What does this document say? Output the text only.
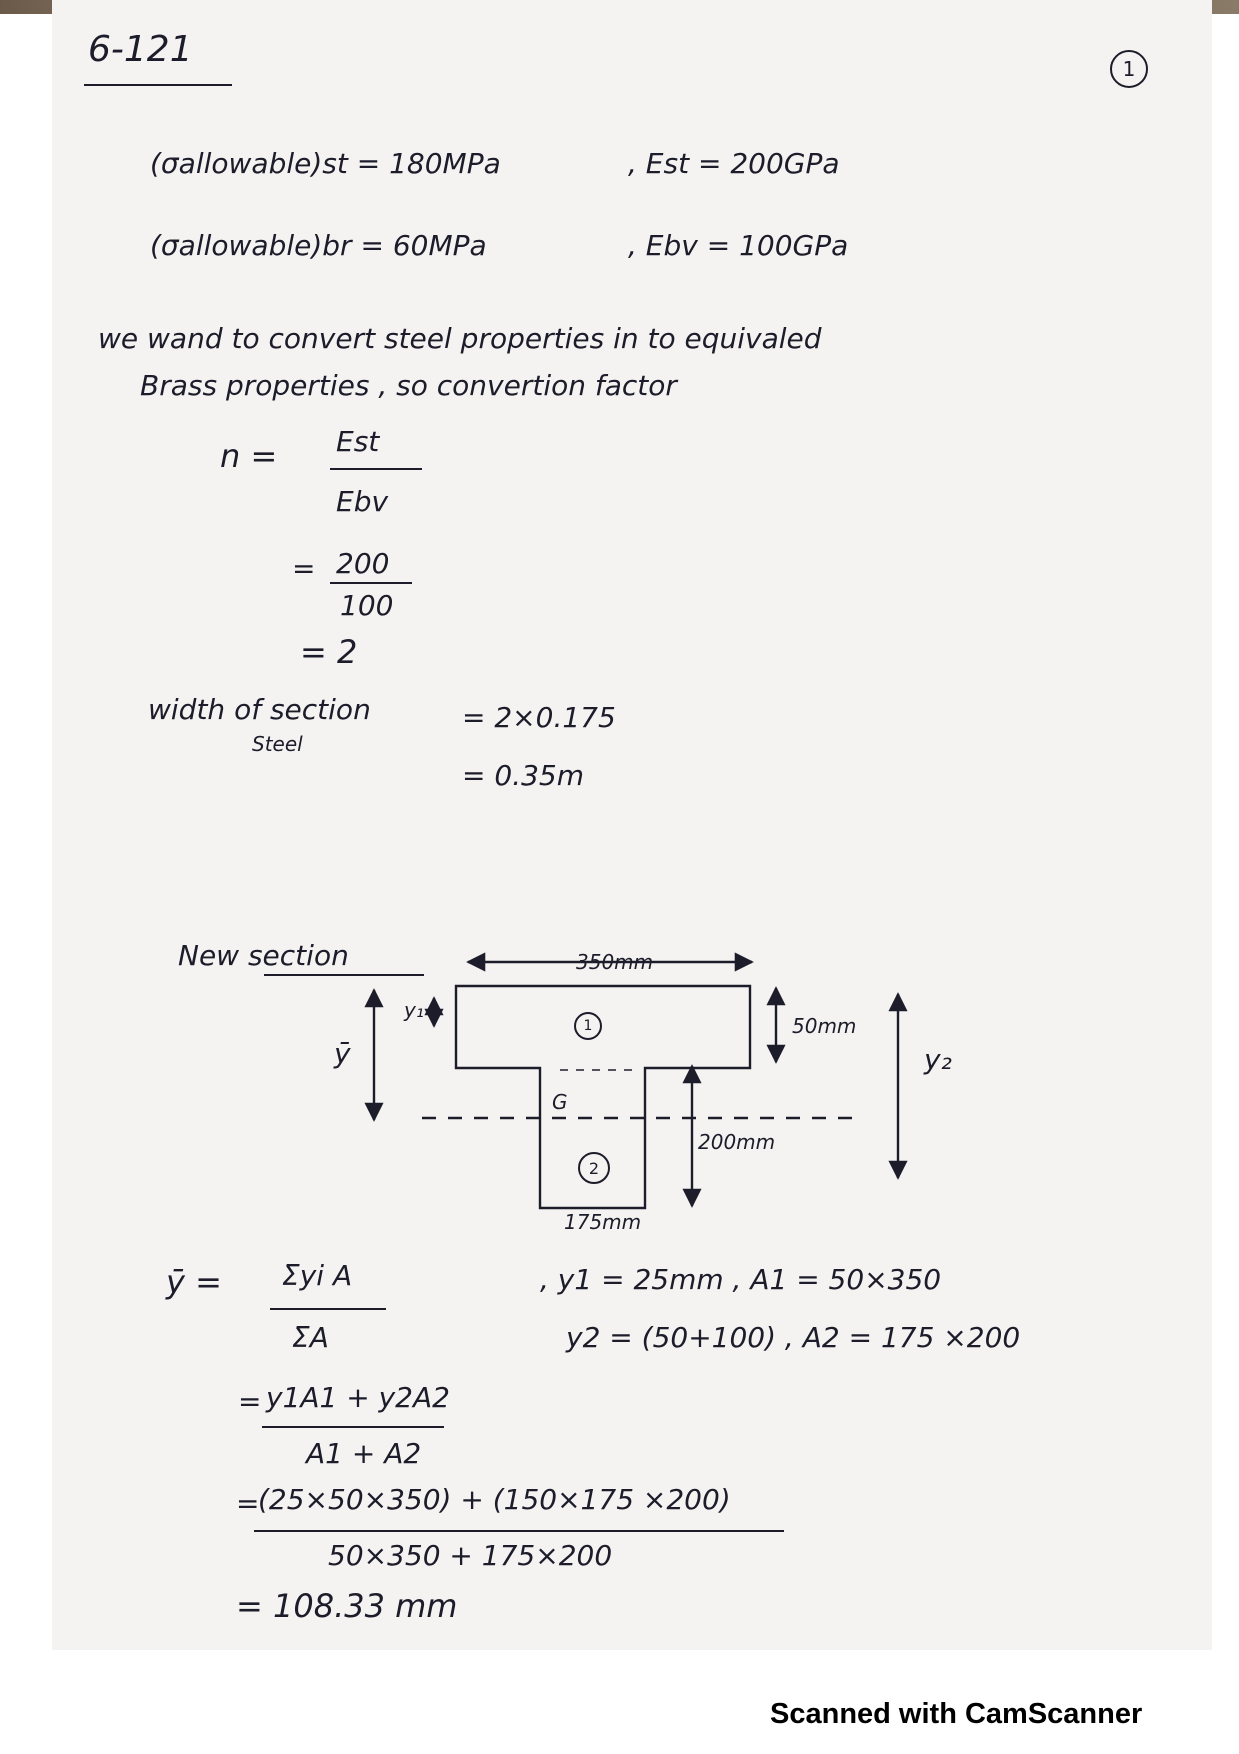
6-121	1
(σallowable)st = 180MPa	, Est = 200GPa
(σallowable)br = 60MPa	, Ebv = 100GPa
we wand to convert steel properties in to equivaled
Brass properties , so convertion factor
n = Est
Ebv
= 200
100
= 2
width of section
Steel
= 2×0.175
= 0.35m
New section	350mm
50mm
200mm
175mm
1
2
G
ȳ
y₁
y₂
ȳ = Σyi A
ΣA
, y1 = 25mm , A1 = 50×350
y2 = (50+100) , A2 = 175 ×200
= y1A1 + y2A2
A1 + A2
=
(25×50×350) + (150×175 ×200)
50×350 + 175×200
= 108.33 mm
Scanned with CamScanner
